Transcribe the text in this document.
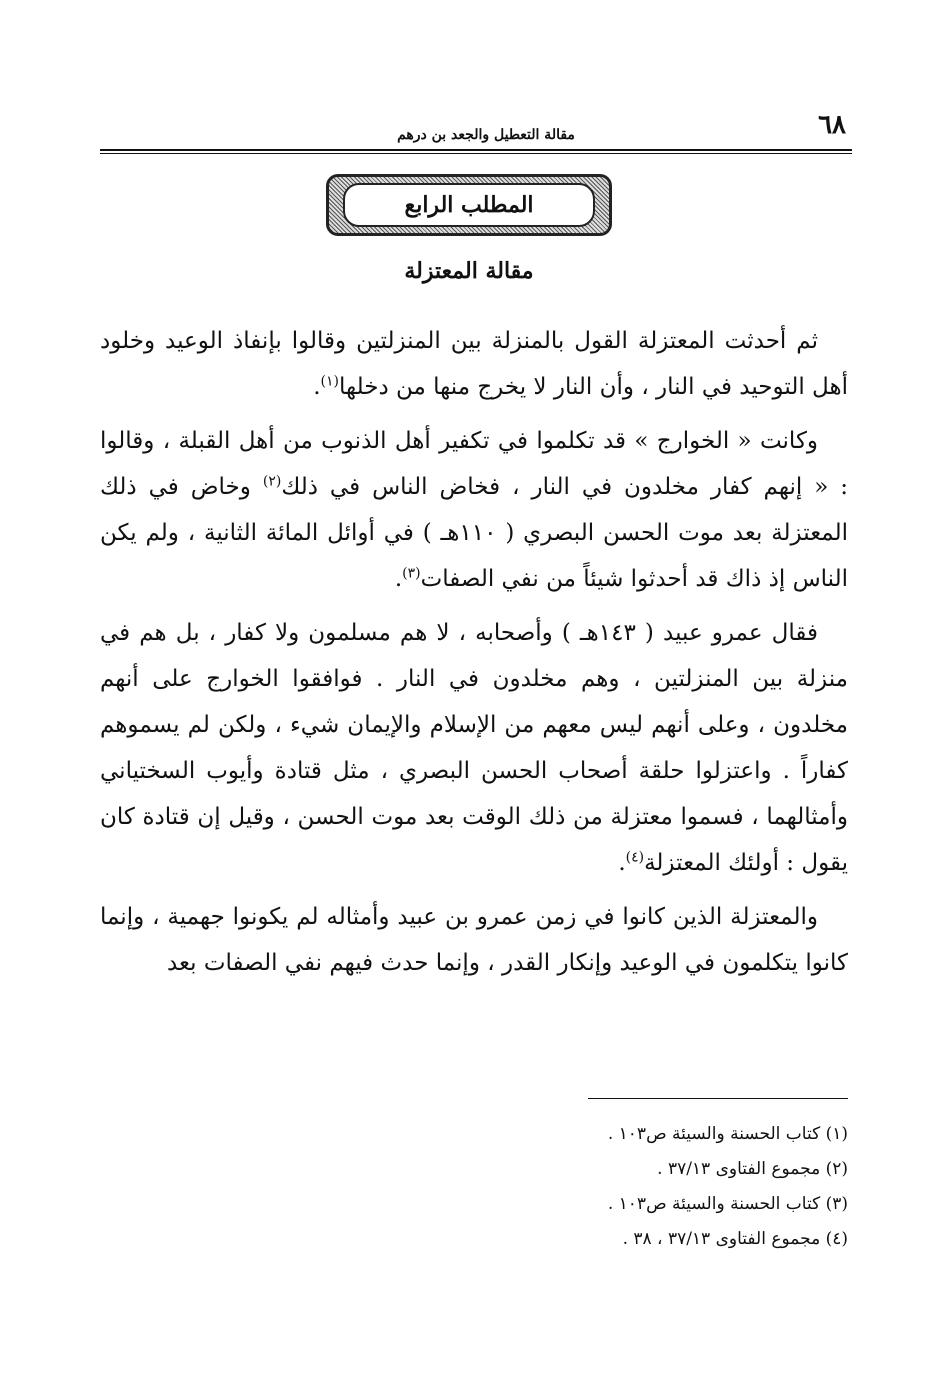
٦٨
مقالة التعطيل والجعد بن درهم
المطلب الرابع
مقالة المعتزلة

ثم أحدثت المعتزلة القول بالمنزلة بين المنزلتين وقالوا بإنفاذ الوعيد وخلود أهل التوحيد في النار ، وأن النار لا يخرج منها من دخلها$^{(١)}$.

وكانت « الخوارج » قد تكلموا في تكفير أهل الذنوب من أهل القبلة ، وقالوا : « إنهم كفار مخلدون في النار ، فخاض الناس في ذلك$^{(٢)}$ وخاض في ذلك المعتزلة بعد موت الحسن البصري ( ١١٠هـ ) في أوائل المائة الثانية ، ولم يكن الناس إذ ذاك قد أحدثوا شيئاً من نفي الصفات$^{(٣)}$.

فقال عمرو عبيد ( ١٤٣هـ ) وأصحابه ، لا هم مسلمون ولا كفار ، بل هم في منزلة بين المنزلتين ، وهم مخلدون في النار . فوافقوا الخوارج على أنهم مخلدون ، وعلى أنهم ليس معهم من الإسلام والإيمان شيء ، ولكن لم يسموهم كفاراً . واعتزلوا حلقة أصحاب الحسن البصري ، مثل قتادة وأيوب السختياني وأمثالهما ، فسموا معتزلة من ذلك الوقت بعد موت الحسن ، وقيل إن قتادة كان يقول : أولئك المعتزلة$^{(٤)}$.

والمعتزلة الذين كانوا في زمن عمرو بن عبيد وأمثاله لم يكونوا جهمية ، وإنما كانوا يتكلمون في الوعيد وإنكار القدر ، وإنما حدث فيهم نفي الصفات بعد

(١) كتاب الحسنة والسيئة ص١٠٣ .
(٢) مجموع الفتاوى ٣٧/١٣ .
(٣) كتاب الحسنة والسيئة ص١٠٣ .
(٤) مجموع الفتاوى ٣٧/١٣ ، ٣٨ .
